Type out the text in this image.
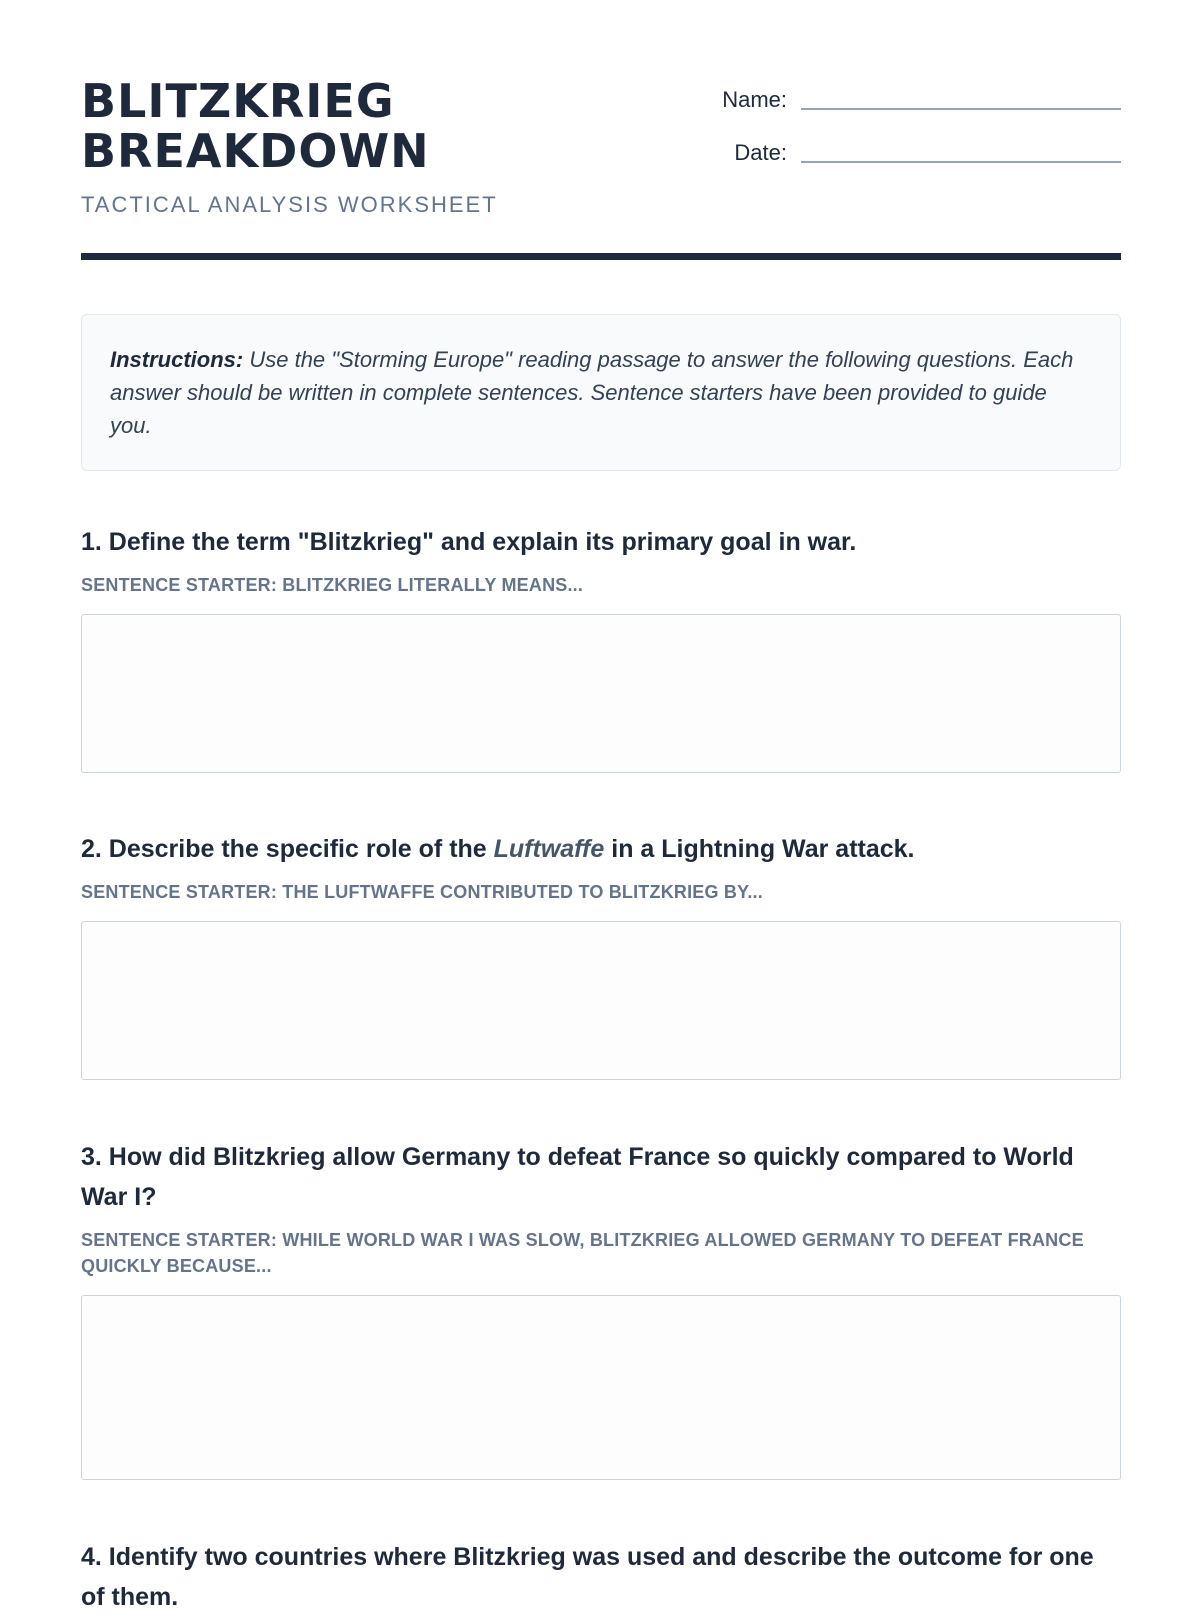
BLITZKRIEG
BREAKDOWN
TACTICAL ANALYSIS WORKSHEET
Name:
Date:
Instructions: Use the "Storming Europe" reading passage to answer the following questions. Each answer should be written in complete sentences. Sentence starters have been provided to guide you.
1. Define the term "Blitzkrieg" and explain its primary goal in war.
SENTENCE STARTER: BLITZKRIEG LITERALLY MEANS...
2. Describe the specific role of the Luftwaffe in a Lightning War attack.
SENTENCE STARTER: THE LUFTWAFFE CONTRIBUTED TO BLITZKRIEG BY...
3. How did Blitzkrieg allow Germany to defeat France so quickly compared to World War I?
SENTENCE STARTER: WHILE WORLD WAR I WAS SLOW, BLITZKRIEG ALLOWED GERMANY TO DEFEAT FRANCE QUICKLY BECAUSE...
4. Identify two countries where Blitzkrieg was used and describe the outcome for one of them.
